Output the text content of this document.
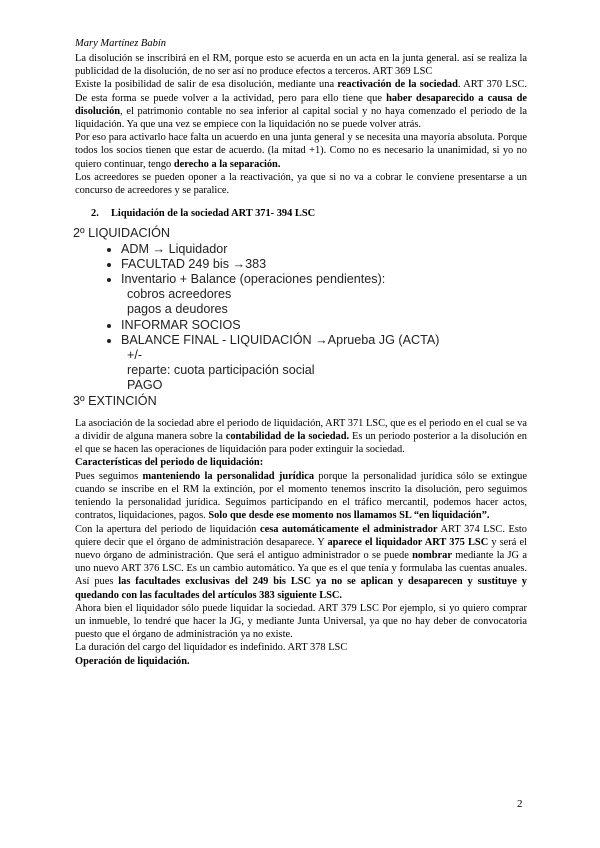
Mary Martínez Babín

La disolución se inscribirá en el RM, porque esto se acuerda en un acta en la junta general. así se realiza la publicidad de la disolución, de no ser así no produce efectos a terceros. ART 369 LSC

Existe la posibilidad de salir de esa disolución, mediante una reactivación de la sociedad. ART 370 LSC. De esta forma se puede volver a la actividad, pero para ello tiene que haber desaparecido a causa de disolución, el patrimonio contable no sea inferior al capital social y no haya comenzado el periodo de la liquidación. Ya que una vez se empiece con la liquidación no se puede volver atrás.

Por eso para activarlo hace falta un acuerdo en una junta general y se necesita una mayoría absoluta. Porque todos los socios tienen que estar de acuerdo. (la mitad +1). Como no es necesario la unanimidad, si yo no quiero continuar, tengo derecho a la separación.

Los acreedores se pueden oponer a la reactivación, ya que si no va a cobrar le conviene presentarse a un concurso de acreedores y se paralice.

2. Liquidación de la sociedad ART 371- 394 LSC
2º LIQUIDACIÓN
• ADM → Liquidador
• FACULTAD 249 bis →383
• Inventario + Balance (operaciones pendientes):
cobros acreedores
pagos a deudores
• INFORMAR SOCIOS
• BALANCE FINAL - LIQUIDACIÓN →Aprueba JG (ACTA)
+/-
reparte: cuota participación social
PAGO
3º EXTINCIÓN

La asociación de la sociedad abre el periodo de liquidación, ART 371 LSC, que es el periodo en el cual se va a dividir de alguna manera sobre la contabilidad de la sociedad. Es un periodo posterior a la disolución en el que se hacen las operaciones de liquidación para poder extinguir la sociedad.

Características del periodo de liquidación:

Pues seguimos manteniendo la personalidad jurídica porque la personalidad jurídica sólo se extingue cuando se inscribe en el RM la extinción, por el momento tenemos inscrito la disolución, pero seguimos teniendo la personalidad jurídica. Seguimos participando en el tráfico mercantil, podemos hacer actos, contratos, liquidaciones, pagos. Solo que desde ese momento nos llamamos SL “en liquidación”.

Con la apertura del periodo de liquidación cesa automáticamente el administrador ART 374 LSC. Esto quiere decir que el órgano de administración desaparece. Y aparece el liquidador ART 375 LSC y será el nuevo órgano de administración. Que será el antiguo administrador o se puede nombrar mediante la JG a uno nuevo ART 376 LSC. Es un cambio automático. Ya que es el que tenía y formulaba las cuentas anuales. Así pues las facultades exclusivas del 249 bis LSC ya no se aplican y desaparecen y sustituye y quedando con las facultades del artículos 383 siguiente LSC.

Ahora bien el liquidador sólo puede liquidar la sociedad. ART 379 LSC Por ejemplo, si yo quiero comprar un inmueble, lo tendré que hacer la JG, y mediante Junta Universal, ya que no hay deber de convocatoria puesto que el órgano de administración ya no existe.

La duración del cargo del liquidador es indefinido. ART 378 LSC

Operación de liquidación.

2
